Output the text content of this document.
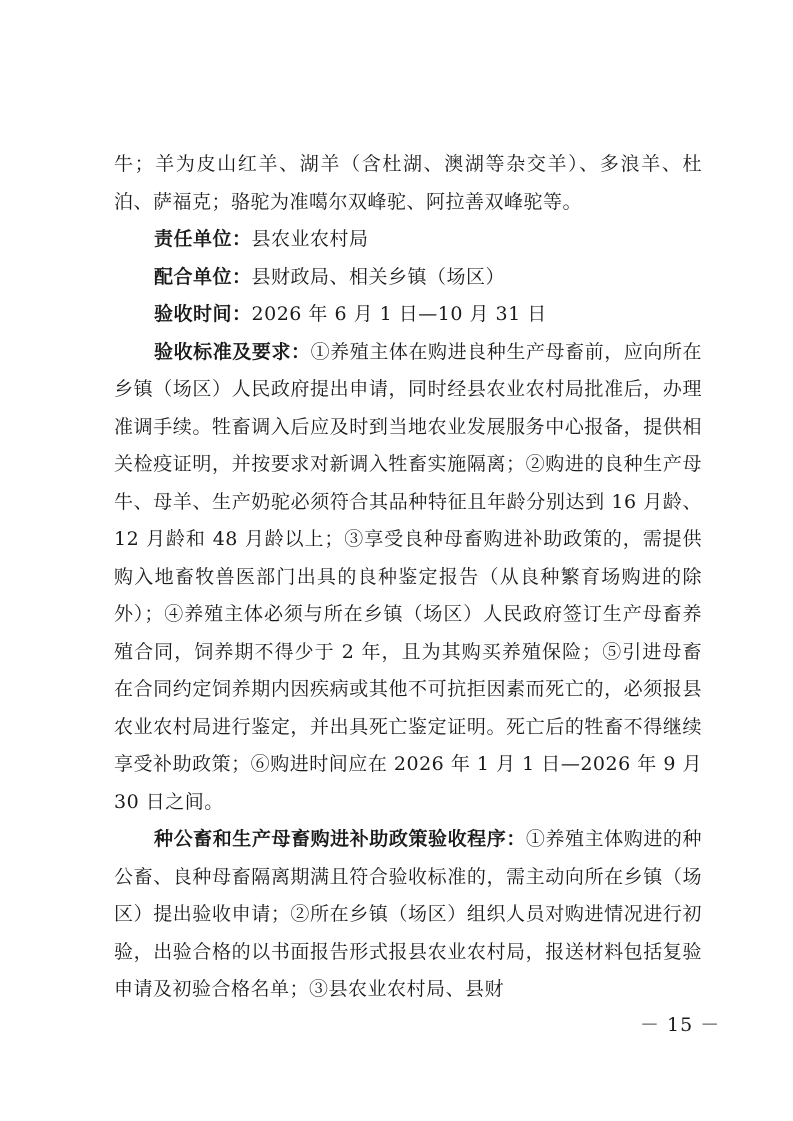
牛；羊为皮山红羊、湖羊（含杜湖、澳湖等杂交羊）、多浪羊、杜泊、萨福克；骆驼为准噶尔双峰驼、阿拉善双峰驼等。

责任单位：县农业农村局

配合单位：县财政局、相关乡镇（场区）

验收时间：2026 年 6 月 1 日—10 月 31 日

验收标准及要求：①养殖主体在购进良种生产母畜前，应向所在乡镇（场区）人民政府提出申请，同时经县农业农村局批准后，办理准调手续。牲畜调入后应及时到当地农业发展服务中心报备，提供相关检疫证明，并按要求对新调入牲畜实施隔离；②购进的良种生产母牛、母羊、生产奶驼必须符合其品种特征且年龄分别达到 16 月龄、12 月龄和 48 月龄以上；③享受良种母畜购进补助政策的，需提供购入地畜牧兽医部门出具的良种鉴定报告（从良种繁育场购进的除外）；④养殖主体必须与所在乡镇（场区）人民政府签订生产母畜养殖合同，饲养期不得少于 2 年，且为其购买养殖保险；⑤引进母畜在合同约定饲养期内因疾病或其他不可抗拒因素而死亡的，必须报县农业农村局进行鉴定，并出具死亡鉴定证明。死亡后的牲畜不得继续享受补助政策；⑥购进时间应在 2026 年 1 月 1 日—2026 年 9 月 30 日之间。

种公畜和生产母畜购进补助政策验收程序：①养殖主体购进的种公畜、良种母畜隔离期满且符合验收标准的，需主动向所在乡镇（场区）提出验收申请；②所在乡镇（场区）组织人员对购进情况进行初验，出验合格的以书面报告形式报县农业农村局，报送材料包括复验申请及初验合格名单；③县农业农村局、县财

－ 15 －
